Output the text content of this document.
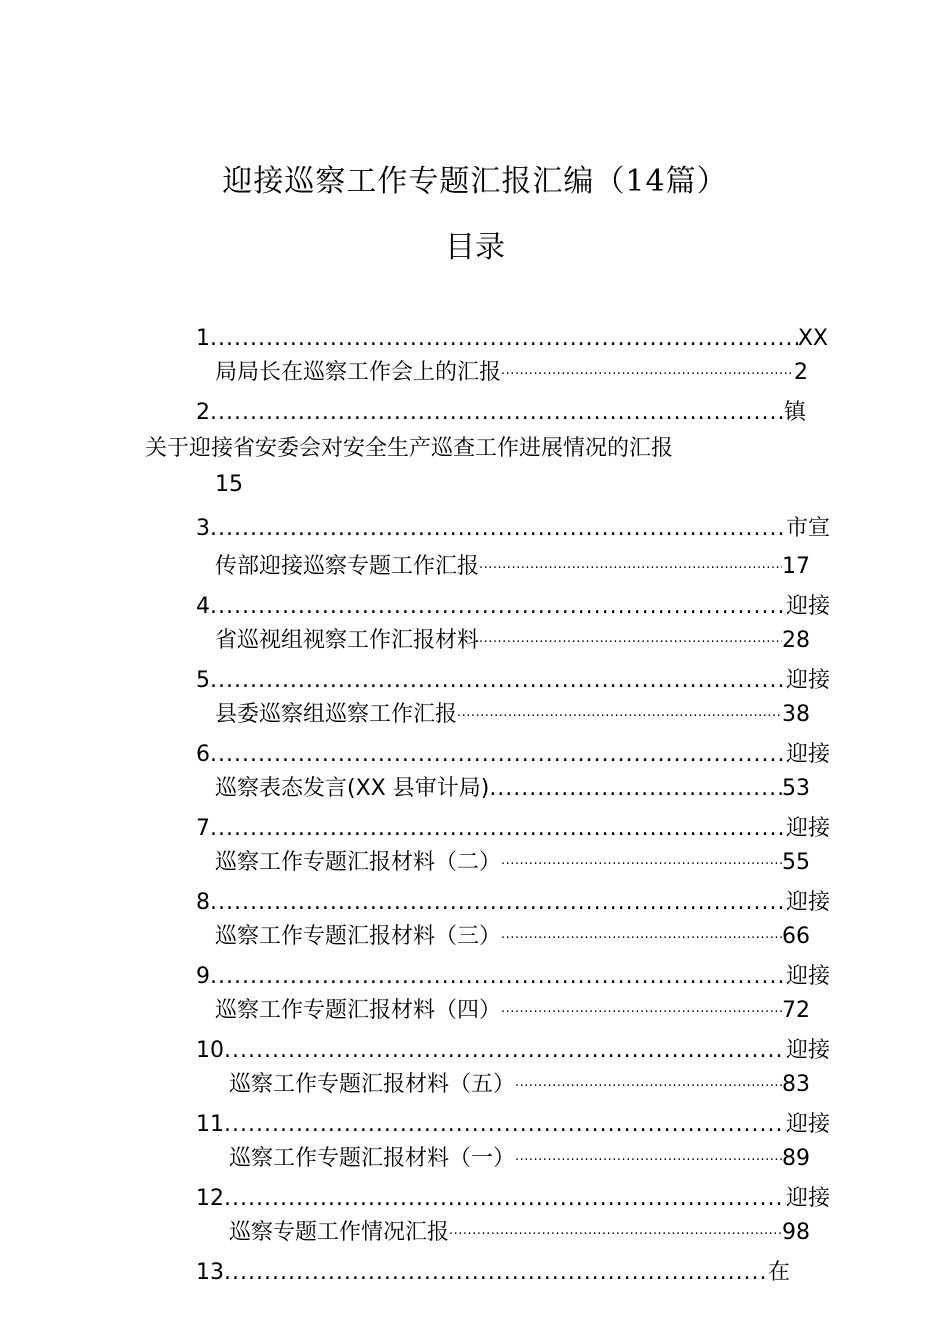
迎接巡察工作专题汇报汇编（14篇）
目录
1 .....	XX
局局长在巡察工作会上的汇报 .....	2
2 .....	镇
关于迎接省安委会对安全生产巡查工作进展情况的汇报
15
3 .....	市宣
传部迎接巡察专题工作汇报 .....	17
4 .....	迎接
省巡视组视察工作汇报材料 .....	28
5 .....	迎接
县委巡察组巡察工作汇报 .....	38
6 .....	迎接
巡察表态发言(XX 县审计局) .....	53
7 .....	迎接
巡察工作专题汇报材料（二） .....	55
8 .....	迎接
巡察工作专题汇报材料（三） .....	66
9 .....	迎接
巡察工作专题汇报材料（四） .....	72
10 .....	迎接
巡察工作专题汇报材料（五） .....	83
11 .....	迎接
巡察工作专题汇报材料（一） .....	89
12 .....	迎接
巡察专题工作情况汇报 .....	98
13 .....	在
